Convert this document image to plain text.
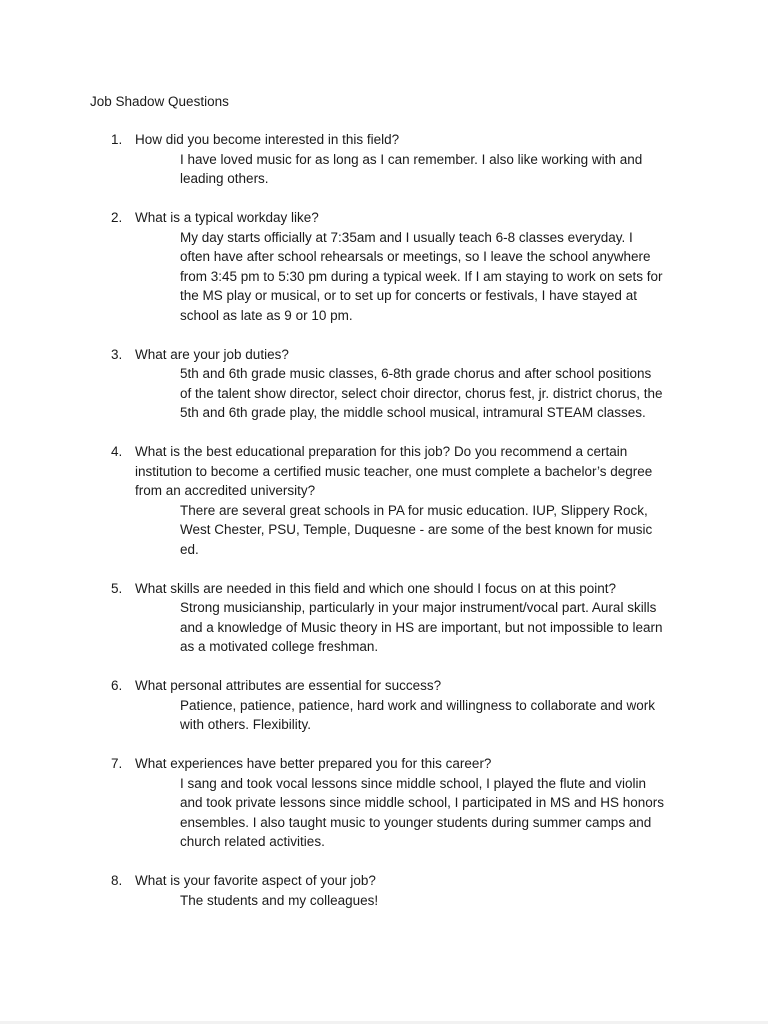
Job Shadow Questions
1. How did you become interested in this field?
I have loved music for as long as I can remember. I also like working with and
leading others.
2. What is a typical workday like?
My day starts officially at 7:35am and I usually teach 6-8 classes everyday. I
often have after school rehearsals or meetings, so I leave the school anywhere
from 3:45 pm to 5:30 pm during a typical week. If I am staying to work on sets for
the MS play or musical, or to set up for concerts or festivals, I have stayed at
school as late as 9 or 10 pm.
3. What are your job duties?
5th and 6th grade music classes, 6-8th grade chorus and after school positions
of the talent show director, select choir director, chorus fest, jr. district chorus, the
5th and 6th grade play, the middle school musical, intramural STEAM classes.
4. What is the best educational preparation for this job? Do you recommend a certain
institution to become a certified music teacher, one must complete a bachelor’s degree
from an accredited university?
There are several great schools in PA for music education. IUP, Slippery Rock,
West Chester, PSU, Temple, Duquesne - are some of the best known for music
ed.
5. What skills are needed in this field and which one should I focus on at this point?
Strong musicianship, particularly in your major instrument/vocal part. Aural skills
and a knowledge of Music theory in HS are important, but not impossible to learn
as a motivated college freshman.
6. What personal attributes are essential for success?
Patience, patience, patience, hard work and willingness to collaborate and work
with others. Flexibility.
7. What experiences have better prepared you for this career?
I sang and took vocal lessons since middle school, I played the flute and violin
and took private lessons since middle school, I participated in MS and HS honors
ensembles. I also taught music to younger students during summer camps and
church related activities.
8. What is your favorite aspect of your job?
The students and my colleagues!
